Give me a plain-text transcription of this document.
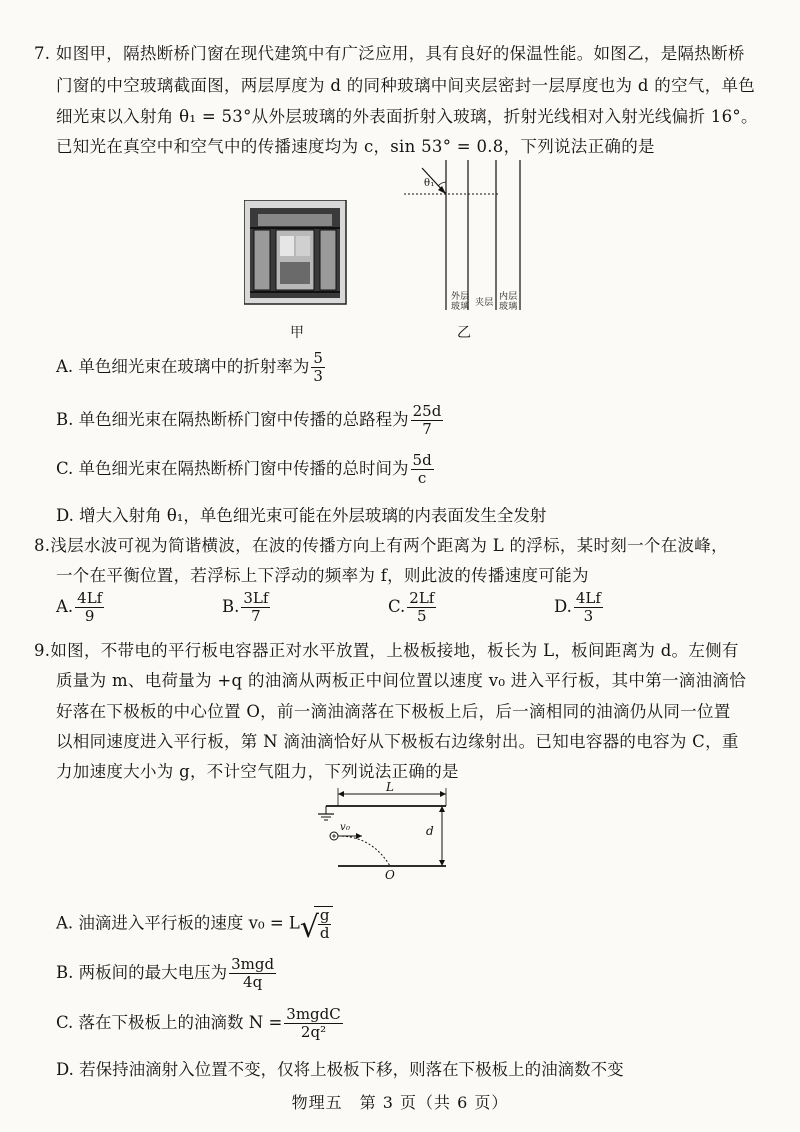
7. 如图甲，隔热断桥门窗在现代建筑中有广泛应用，具有良好的保温性能。如图乙，是隔热断桥
门窗的中空玻璃截面图，两层厚度为 d 的同种玻璃中间夹层密封一层厚度也为 d 的空气，单色
细光束以入射角 θ₁ = 53°从外层玻璃的外表面折射入玻璃，折射光线相对入射光线偏折 16°。
已知光在真空中和空气中的传播速度均为 c，sin 53° = 0.8，下列说法正确的是
甲
θ₁
外层
玻璃 夹层
内层
玻璃
乙
A. 单色细光束在玻璃中的折射率为 $\frac{5}{3}$
B. 单色细光束在隔热断桥门窗中传播的总路程为 $\frac{25d}{7}$
C. 单色细光束在隔热断桥门窗中传播的总时间为 $\frac{5d}{c}$
D. 增大入射角 θ₁，单色细光束可能在外层玻璃的内表面发生全发射
8.浅层水波可视为简谐横波，在波的传播方向上有两个距离为 L 的浮标，某时刻一个在波峰，
一个在平衡位置，若浮标上下浮动的频率为 f，则此波的传播速度可能为
A. $\frac{4Lf}{9}$	B. $\frac{3Lf}{7}$	C. $\frac{2Lf}{5}$	D. $\frac{4Lf}{3}$
9.如图，不带电的平行板电容器正对水平放置，上极板接地，板长为 L，板间距离为 d。左侧有
质量为 m、电荷量为 +q 的油滴从两板正中间位置以速度 v₀ 进入平行板，其中第一滴油滴恰
好落在下极板的中心位置 O，前一滴油滴落在下极板上后，后一滴相同的油滴仍从同一位置
以相同速度进入平行板，第 N 滴油滴恰好从下极板右边缘射出。已知电容器的电容为 C，重
力加速度大小为 g，不计空气阻力，下列说法正确的是
L
d
v₀
O
A. 油滴进入平行板的速度 v₀ = L √
$\frac{g}{d}$
B. 两板间的最大电压为 $\frac{\text{3mgd}}{4q}$
C. 落在下极板上的油滴数 $N = \frac{\text{3mgdC}}{\text{2q²}}$
D. 若保持油滴射入位置不变，仅将上极板下移，则落在下极板上的油滴数不变
物理五　第 3 页（共 6 页）
